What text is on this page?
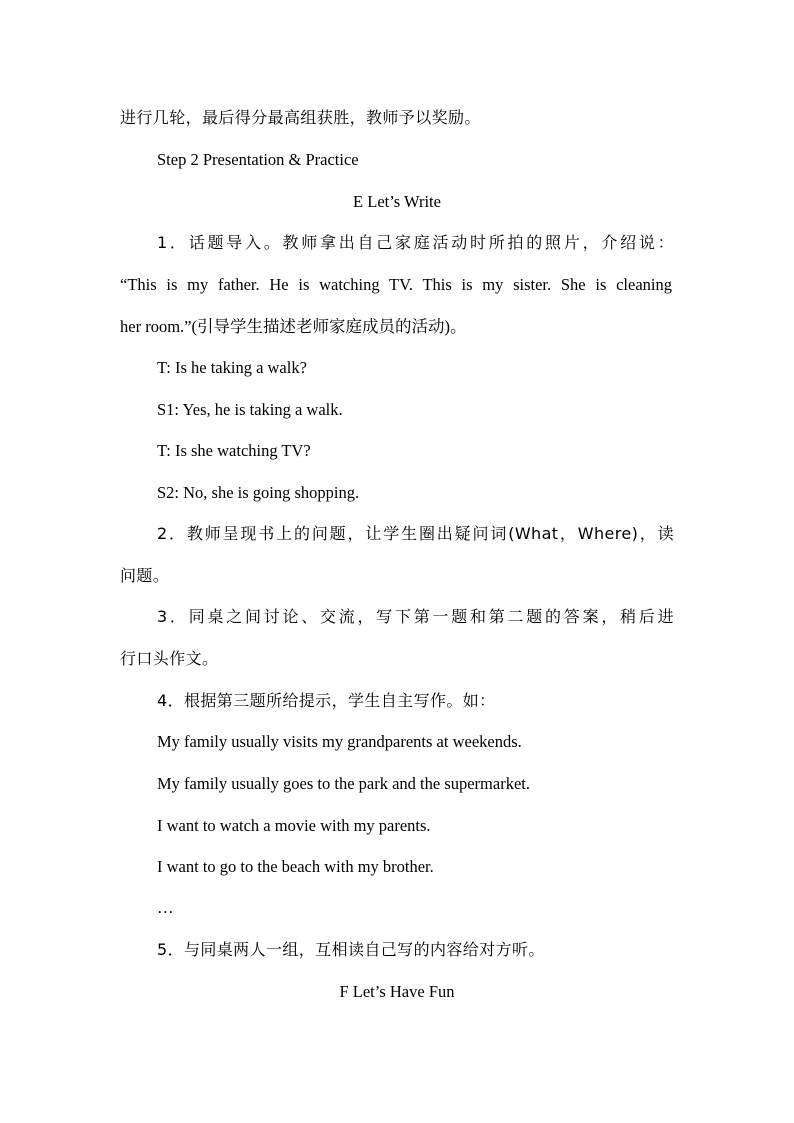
进行几轮，最后得分最高组获胜，教师予以奖励。
Step 2 Presentation & Practice
E Let’s Write
1．话题导入。教师拿出自己家庭活动时所拍的照片，介绍说：
“This is my father. He is watching TV. This is my sister. She is cleaning
her room.”(引导学生描述老师家庭成员的活动)。
T: Is he taking a walk?
S1: Yes, he is taking a walk.
T: Is she watching TV?
S2: No, she is going shopping.
2．教师呈现书上的问题，让学生圈出疑问词(What，Where)，读
问题。
3．同桌之间讨论、交流，写下第一题和第二题的答案，稍后进
行口头作文。
4．根据第三题所给提示，学生自主写作。如：
My family usually visits my grandparents at weekends.
My family usually goes to the park and the supermarket.
I want to watch a movie with my parents.
I want to go to the beach with my brother.
…
5．与同桌两人一组，互相读自己写的内容给对方听。
F Let’s Have Fun
